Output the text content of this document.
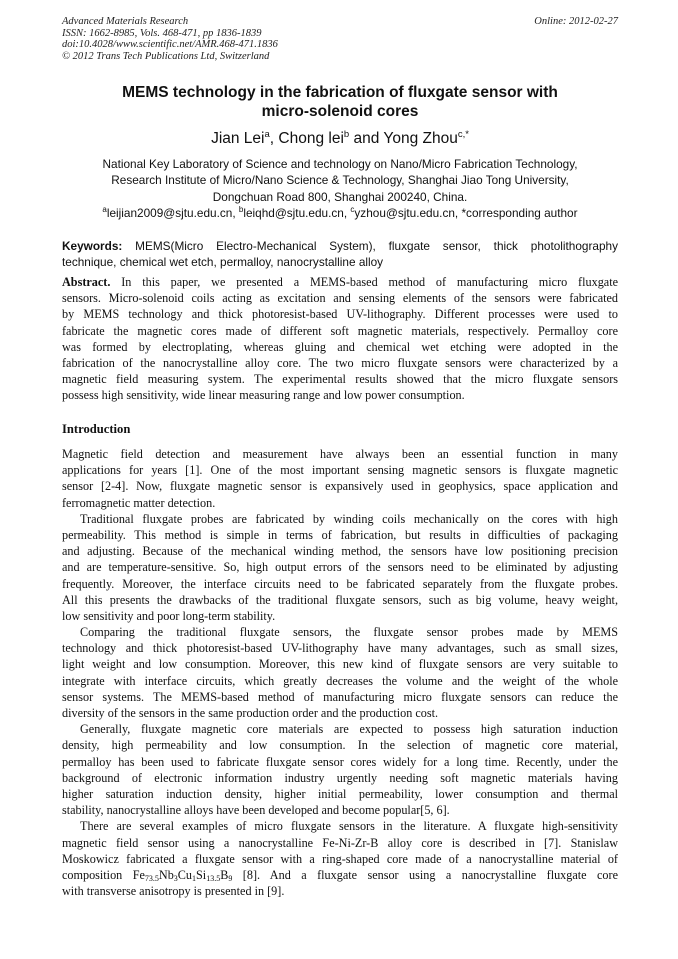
Advanced Materials Research	Online: 2012-02-27
ISSN: 1662-8985, Vols. 468-471, pp 1836-1839
doi:10.4028/www.scientific.net/AMR.468-471.1836
© 2012 Trans Tech Publications Ltd, Switzerland
MEMS technology in the fabrication of fluxgate sensor with
micro-solenoid cores
Jian Lei$^a$, Chong lei$^b$ and Yong Zhou$^{c,*}$
National Key Laboratory of Science and technology on Nano/Micro Fabrication Technology,
Research Institute of Micro/Nano Science & Technology, Shanghai Jiao Tong University,
Dongchuan Road 800, Shanghai 200240, China.
$^a$leijian2009@sjtu.edu.cn, $^b$leiqhd@sjtu.edu.cn, $^c$yzhou@sjtu.edu.cn, *corresponding author
Keywords: MEMS(Micro Electro-Mechanical System), fluxgate sensor, thick photolithography
technique, chemical wet etch, permalloy, nanocrystalline alloy
Abstract. In this paper, we presented a MEMS-based method of manufacturing micro fluxgate
sensors. Micro-solenoid coils acting as excitation and sensing elements of the sensors were fabricated
by MEMS technology and thick photoresist-based UV-lithography. Different processes were used to
fabricate the magnetic cores made of different soft magnetic materials, respectively. Permalloy core
was formed by electroplating, whereas gluing and chemical wet etching were adopted in the
fabrication of the nanocrystalline alloy core. The two micro fluxgate sensors were characterized by a
magnetic field measuring system. The experimental results showed that the micro fluxgate sensors
possess high sensitivity, wide linear measuring range and low power consumption.
Introduction
Magnetic field detection and measurement have always been an essential function in many
applications for years [1]. One of the most important sensing magnetic sensors is fluxgate magnetic
sensor [2-4]. Now, fluxgate magnetic sensor is expansively used in geophysics, space application and
ferromagnetic matter detection.
Traditional fluxgate probes are fabricated by winding coils mechanically on the cores with high
permeability. This method is simple in terms of fabrication, but results in difficulties of packaging
and adjusting. Because of the mechanical winding method, the sensors have low positioning precision
and are temperature-sensitive. So, high output errors of the sensors need to be eliminated by adjusting
frequently. Moreover, the interface circuits need to be fabricated separately from the fluxgate probes.
All this presents the drawbacks of the traditional fluxgate sensors, such as big volume, heavy weight,
low sensitivity and poor long-term stability.
Comparing the traditional fluxgate sensors, the fluxgate sensor probes made by MEMS
technology and thick photoresist-based UV-lithography have many advantages, such as small sizes,
light weight and low consumption. Moreover, this new kind of fluxgate sensors are very suitable to
integrate with interface circuits, which greatly decreases the volume and the weight of the whole
sensor systems. The MEMS-based method of manufacturing micro fluxgate sensors can reduce the
diversity of the sensors in the same production order and the production cost.
Generally, fluxgate magnetic core materials are expected to possess high saturation induction
density, high permeability and low consumption. In the selection of magnetic core material,
permalloy has been used to fabricate fluxgate sensor cores widely for a long time. Recently, under the
background of electronic information industry urgently needing soft magnetic materials having
higher saturation induction density, higher initial permeability, lower consumption and thermal
stability, nanocrystalline alloys have been developed and become popular[5, 6].
There are several examples of micro fluxgate sensors in the literature. A fluxgate high-sensitivity
magnetic field sensor using a nanocrystalline Fe-Ni-Zr-B alloy core is described in [7]. Stanislaw
Moskowicz fabricated a fluxgate sensor with a ring-shaped core made of a nanocrystalline material of
composition $Fe_{73.5}Nb_3Cu_1Si_{13.5}B_9$ [8]. And a fluxgate sensor using a nanocrystalline fluxgate core
with transverse anisotropy is presented in [9].
